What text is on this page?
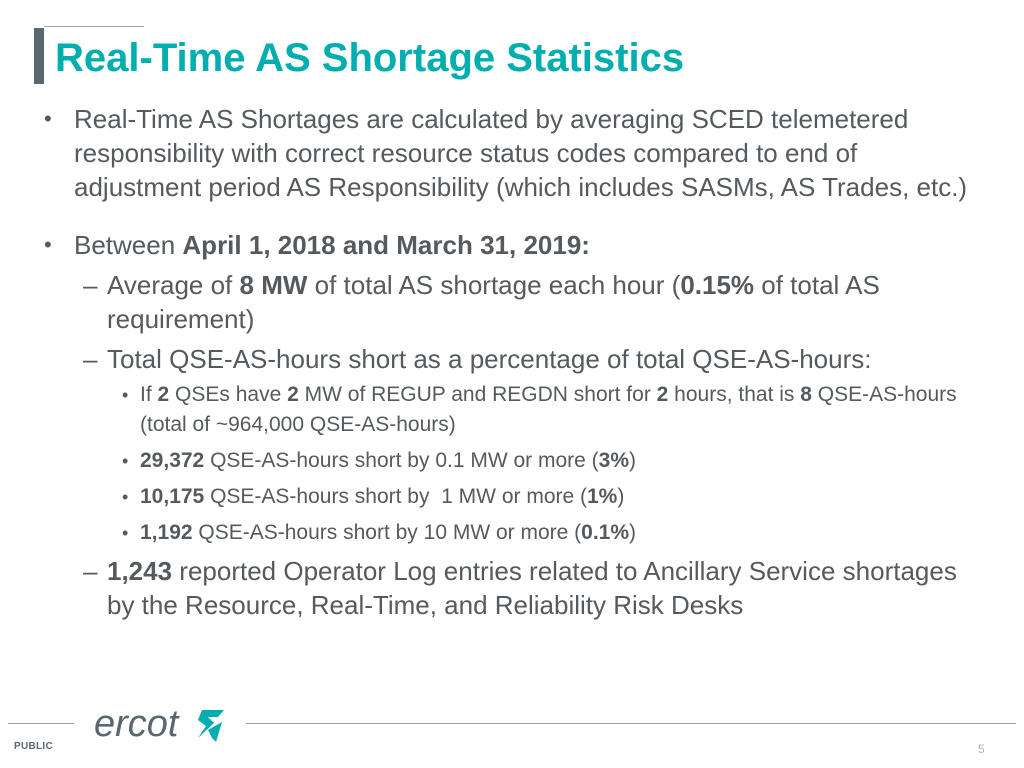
Real-Time AS Shortage Statistics
• Real-Time AS Shortages are calculated by averaging SCED telemetered responsibility with correct resource status codes compared to end of adjustment period AS Responsibility (which includes SASMs, AS Trades, etc.)
• Between April 1, 2018 and March 31, 2019:
– Average of 8 MW of total AS shortage each hour (0.15% of total AS requirement)
– Total QSE-AS-hours short as a percentage of total QSE-AS-hours:
• If 2 QSEs have 2 MW of REGUP and REGDN short for 2 hours, that is 8 QSE-AS-hours (total of ~964,000 QSE-AS-hours)
• 29,372 QSE-AS-hours short by 0.1 MW or more (3%)
• 10,175 QSE-AS-hours short by  1 MW or more (1%)
• 1,192 QSE-AS-hours short by 10 MW or more (0.1%)
– 1,243 reported Operator Log entries related to Ancillary Service shortages by the Resource, Real-Time, and Reliability Risk Desks
ercot
PUBLIC	5
